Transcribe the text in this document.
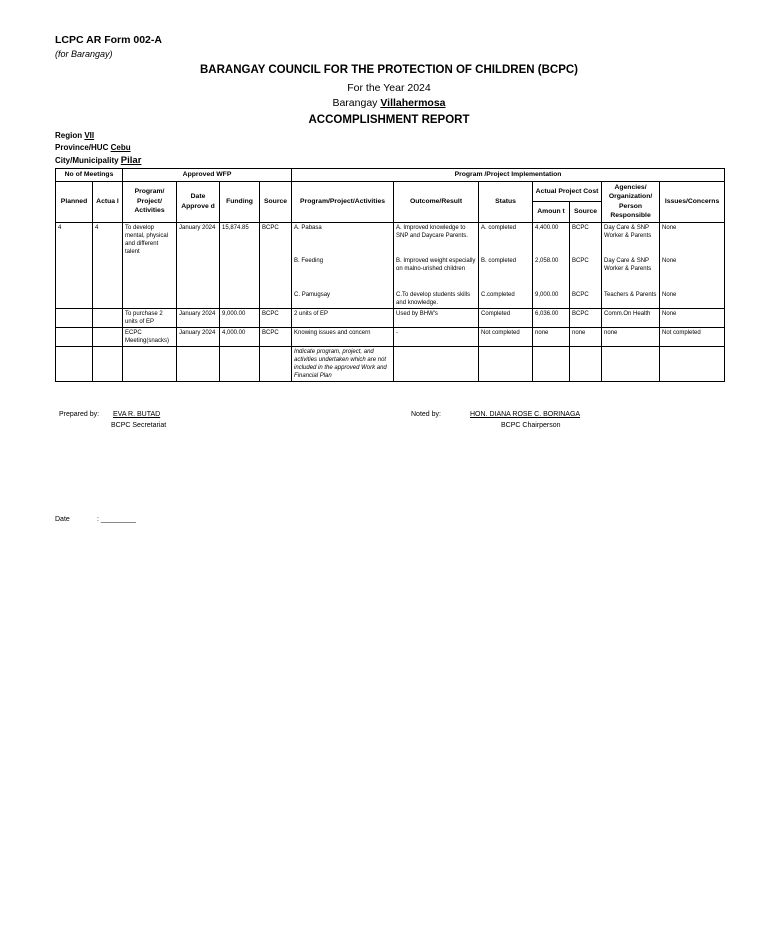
LCPC AR Form 002-A
(for Barangay)
BARANGAY COUNCIL FOR THE PROTECTION OF CHILDREN (BCPC)
For the Year 2024
Barangay Villahermosa
ACCOMPLISHMENT REPORT
Region VII
Province/HUC Cebu
City/Municipality Pilar
No of Meetings		Approved WFP				Program /Project Implementation						
Planned	Actua l	Program/ Project/ Activities	Date Approve d	Funding	Source	Program/Project/Activities	Outcome/Result	Status	Actual Project Cost		Agencies/ Organization/ Person Responsible	Issues/Concerns
									Amoun t	Source		
4	4	To develop mental, physical and different talent	January 2024	15,874.85	BCPC	A. Pabasa	A. Improved knowledge to SNP and Daycare Parents.	A. completed	4,400.00	BCPC	Day Care & SNP Worker & Parents	None
						B. Feeding	B. Improved weight especially on malno-urished children	B. completed	2,058.00	BCPC	Day Care & SNP Worker & Parents	None
						C. Pamugsay	C.To develop students skills and knowledge.	C.completed	9,000.00	BCPC	Teachers & Parents	None
		To purchase 2 units of EP	January 2024	9,000.00	BCPC	2 units of EP	Used by BHW's	Completed	6,036.00	BCPC	Comm.On Health	None
		ECPC Meeting(snacks)	January 2024	4,000.00	BCPC	Knowing issues and concern	-	Not completed	none	none	none	Not completed
						Indicate program, project, and activities undertaken which are not included in the approved Work and Financial Plan						
Prepared by: EVA R. BUTAD
BCPC Secretariat
Noted by:	HON. DIANA ROSE C. BORINAGA
BCPC Chairperson
Date	: _________
